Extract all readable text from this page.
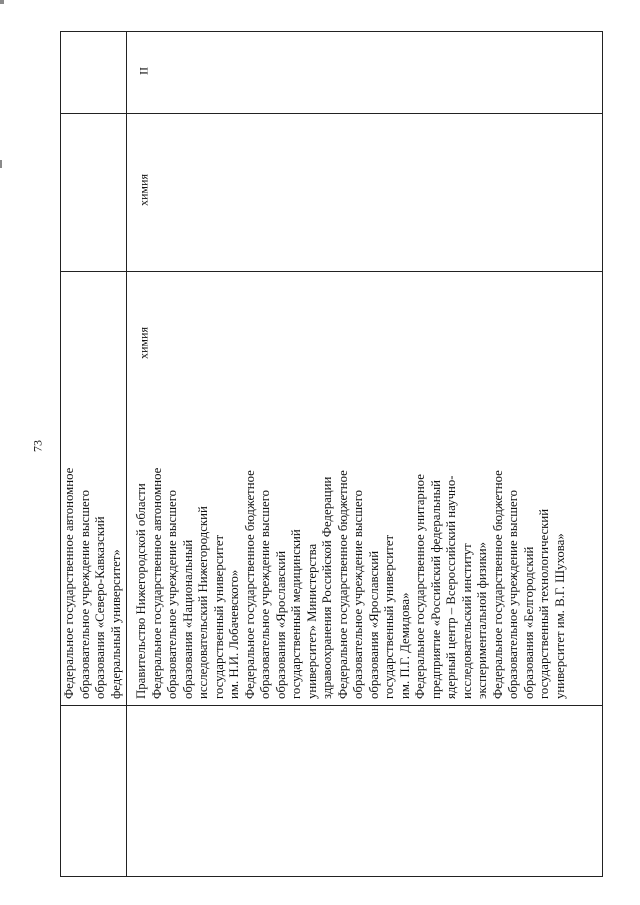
73
Федеральное государственное автономное образовательное учреждение высшего образования «Северо-Кавказский федеральный университет» Правительство Нижегородской области Федеральное государственное автономное образовательное учреждение высшего образования «Национальный исследовательский Нижегородский государственный университет им. Н.И. Лобачевского» Федеральное государственное бюджетное образовательное учреждение высшего образования «Ярославский государственный медицинский университет» Министерства здравоохранения Российской Федерации Федеральное государственное бюджетное образовательное учреждение высшего образования «Ярославский государственный университет им. П.Г. Демидова» Федеральное государственное унитарное предприятие «Российский федеральный ядерный центр – Всероссийский научно- исследовательский институт экспериментальной физики» Федеральное государственное бюджетное образовательное учреждение высшего образования «Белгородский государственный технологический университет им. В.Г. Шухова»
химия
химия
II
